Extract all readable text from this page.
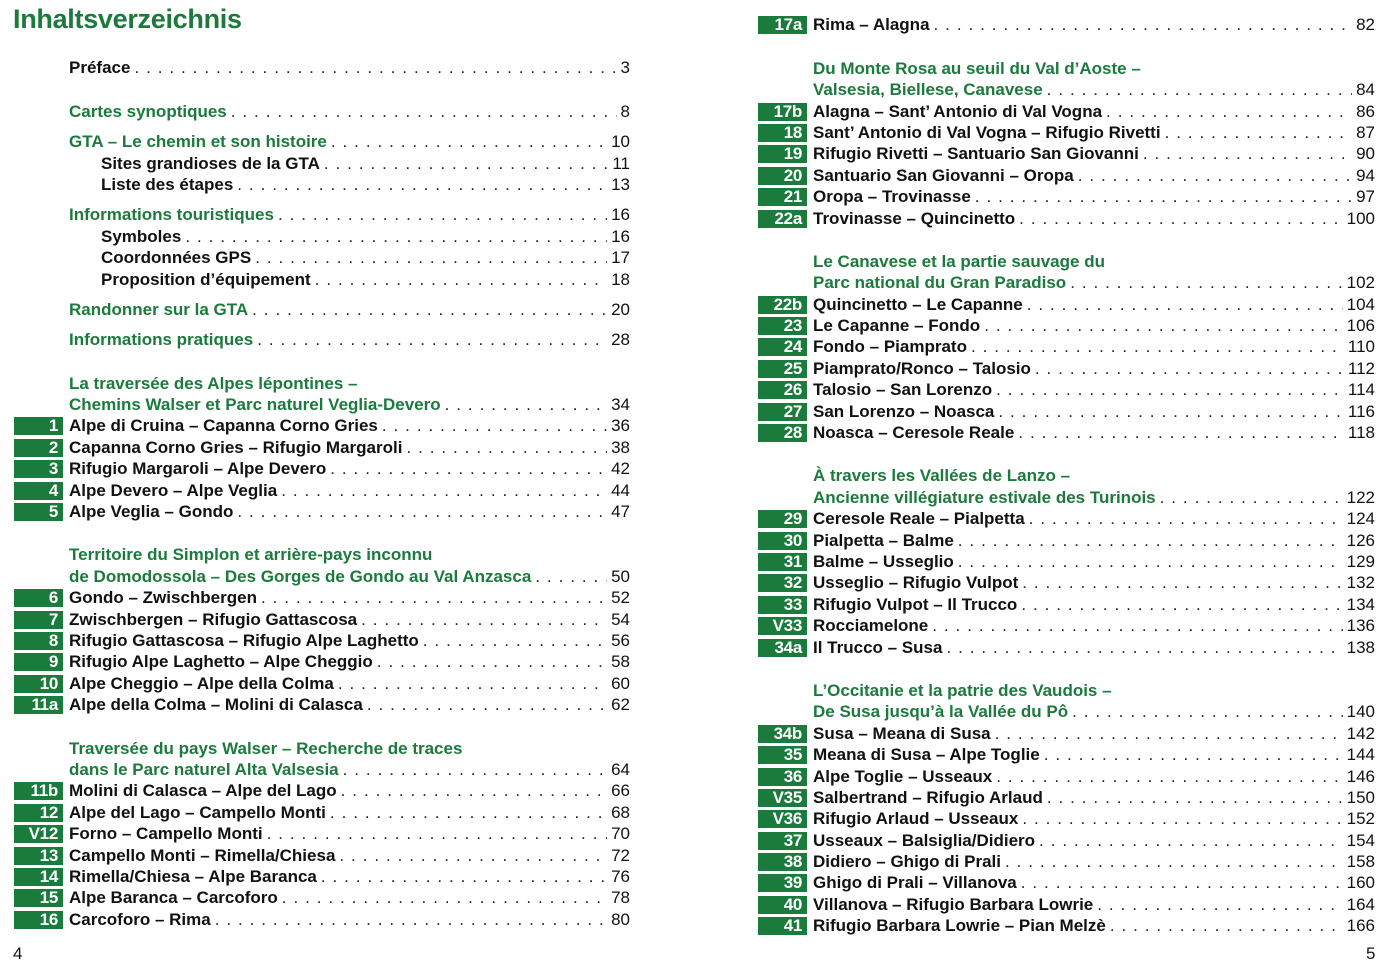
Inhaltsverzeichnis
Préface . . .	3
Cartes synoptiques . . .	8
GTA – Le chemin et son histoire . . .	10
Sites grandioses de la GTA . . .	11
Liste des étapes . . .	13
Informations touristiques . . .	16
Symboles . . .	16
Coordonnées GPS . . .	17
Proposition d’équipement . . .	18
Randonner sur la GTA . . .	20
Informations pratiques . . .	28
La traversée des Alpes lépontines –
Chemins Walser et Parc naturel Veglia-Devero . . .	34
1 Alpe di Cruina – Capanna Corno Gries . . .	36
2 Capanna Corno Gries – Rifugio Margaroli . . .	38
3 Rifugio Margaroli – Alpe Devero . . .	42
4 Alpe Devero – Alpe Veglia . . .	44
5 Alpe Veglia – Gondo . . .	47
Territoire du Simplon et arrière-pays inconnu
de Domodossola – Des Gorges de Gondo au Val Anzasca . . .	50
6 Gondo – Zwischbergen . . .	52
7 Zwischbergen – Rifugio Gattascosa . . .	54
8 Rifugio Gattascosa – Rifugio Alpe Laghetto . . .	56
9 Rifugio Alpe Laghetto – Alpe Cheggio . . .	58
10 Alpe Cheggio – Alpe della Colma . . .	60
11a Alpe della Colma – Molini di Calasca . . .	62
Traversée du pays Walser – Recherche de traces
dans le Parc naturel Alta Valsesia . . .	64
11b Molini di Calasca – Alpe del Lago . . .	66
12 Alpe del Lago – Campello Monti . . .	68
V12 Forno – Campello Monti . . .	70
13 Campello Monti – Rimella/Chiesa . . .	72
14 Rimella/Chiesa – Alpe Baranca . . .	76
15 Alpe Baranca – Carcoforo . . .	78
16 Carcoforo – Rima . . .	80
4
17a Rima – Alagna . . .	82
Du Monte Rosa au seuil du Val d’Aoste –
Valsesia, Biellese, Canavese . . .	84
17b Alagna – Sant’ Antonio di Val Vogna . . .	86
18 Sant’ Antonio di Val Vogna – Rifugio Rivetti . . .	87
19 Rifugio Rivetti – Santuario San Giovanni . . .	90
20 Santuario San Giovanni – Oropa . . .	94
21 Oropa – Trovinasse . . .	97
22a Trovinasse – Quincinetto . . .	100
Le Canavese et la partie sauvage du
Parc national du Gran Paradiso . . .	102
22b Quincinetto – Le Capanne . . .	104
23 Le Capanne – Fondo . . .	106
24 Fondo – Piamprato . . .	110
25 Piamprato/Ronco – Talosio . . .	112
26 Talosio – San Lorenzo . . .	114
27 San Lorenzo – Noasca . . .	116
28 Noasca – Ceresole Reale . . .	118
À travers les Vallées de Lanzo –
Ancienne villégiature estivale des Turinois . . .	122
29 Ceresole Reale – Pialpetta . . .	124
30 Pialpetta – Balme . . .	126
31 Balme – Usseglio . . .	129
32 Usseglio – Rifugio Vulpot . . .	132
33 Rifugio Vulpot – Il Trucco . . .	134
V33 Rocciamelone . . .	136
34a Il Trucco – Susa . . .	138
L’Occitanie et la patrie des Vaudois –
De Susa jusqu’à la Vallée du Pô . . .	140
34b Susa – Meana di Susa . . .	142
35 Meana di Susa – Alpe Toglie . . .	144
36 Alpe Toglie – Usseaux . . .	146
V35 Salbertrand – Rifugio Arlaud . . .	150
V36 Rifugio Arlaud – Usseaux . . .	152
37 Usseaux – Balsiglia/Didiero . . .	154
38 Didiero – Ghigo di Prali . . .	158
39 Ghigo di Prali – Villanova . . .	160
40 Villanova – Rifugio Barbara Lowrie . . .	164
41 Rifugio Barbara Lowrie – Pian Melzè . . .	166
5
